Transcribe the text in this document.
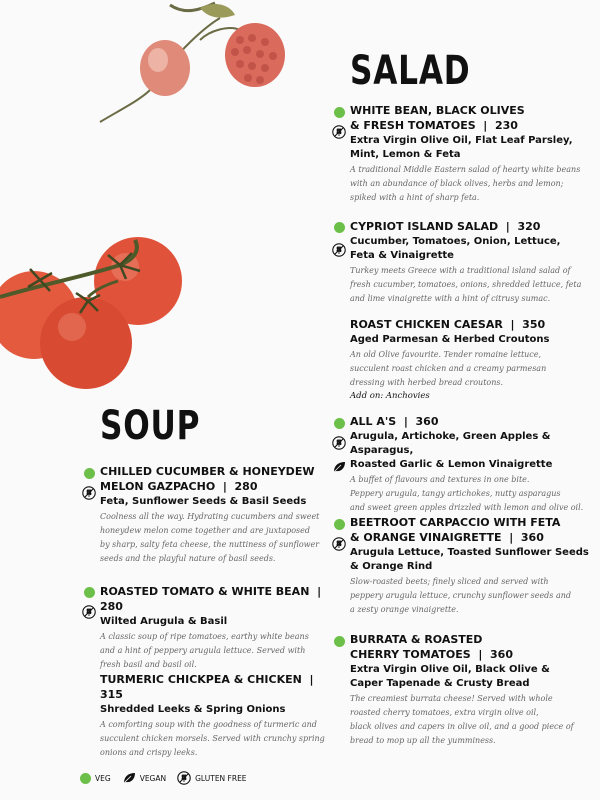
SALAD
SOUP
WHITE BEAN, BLACK OLIVES
& FRESH TOMATOES  |  230
Extra Virgin Olive Oil, Flat Leaf Parsley,
Mint, Lemon & Feta
A traditional Middle Eastern salad of hearty white beans
with an abundance of black olives, herbs and lemon;
spiked with a hint of sharp feta.
CYPRIOT ISLAND SALAD  |  320
Cucumber, Tomatoes, Onion, Lettuce,
Feta & Vinaigrette
Turkey meets Greece with a traditional island salad of
fresh cucumber, tomatoes, onions, shredded lettuce, feta
and lime vinaigrette with a hint of citrusy sumac.
ROAST CHICKEN CAESAR  |  350
Aged Parmesan & Herbed Croutons
An old Olive favourite. Tender romaine lettuce,
succulent roast chicken and a creamy parmesan
dressing with herbed bread croutons.
Add on: Anchovies
ALL A'S  |  360
Arugula, Artichoke, Green Apples & Asparagus,
Roasted Garlic & Lemon Vinaigrette
A buffet of flavours and textures in one bite.
Peppery arugula, tangy artichokes, nutty asparagus
and sweet green apples drizzled with lemon and olive oil.
BEETROOT CARPACCIO WITH FETA
& ORANGE VINAIGRETTE  |  360
Arugula Lettuce, Toasted Sunflower Seeds
& Orange Rind
Slow-roasted beets; finely sliced and served with
peppery arugula lettuce, crunchy sunflower seeds and
a zesty orange vinaigrette.
BURRATA & ROASTED
CHERRY TOMATOES  |  360
Extra Virgin Olive Oil, Black Olive &
Caper Tapenade & Crusty Bread
The creamiest burrata cheese! Served with whole
roasted cherry tomatoes, extra virgin olive oil,
black olives and capers in olive oil, and a good piece of
bread to mop up all the yumminess.
CHILLED CUCUMBER & HONEYDEW
MELON GAZPACHO  |  280
Feta, Sunflower Seeds & Basil Seeds
Coolness all the way. Hydrating cucumbers and sweet
honeydew melon come together and are juxtaposed
by sharp, salty feta cheese, the nuttiness of sunflower
seeds and the playful nature of basil seeds.
ROASTED TOMATO & WHITE BEAN  |  280
Wilted Arugula & Basil
A classic soup of ripe tomatoes, earthy white beans
and a hint of peppery arugula lettuce. Served with
fresh basil and basil oil.
TURMERIC CHICKPEA & CHICKEN  |  315
Shredded Leeks & Spring Onions
A comforting soup with the goodness of turmeric and
succulent chicken morsels. Served with crunchy spring
onions and crispy leeks.
VEG	VEGAN	GLUTEN FREE
